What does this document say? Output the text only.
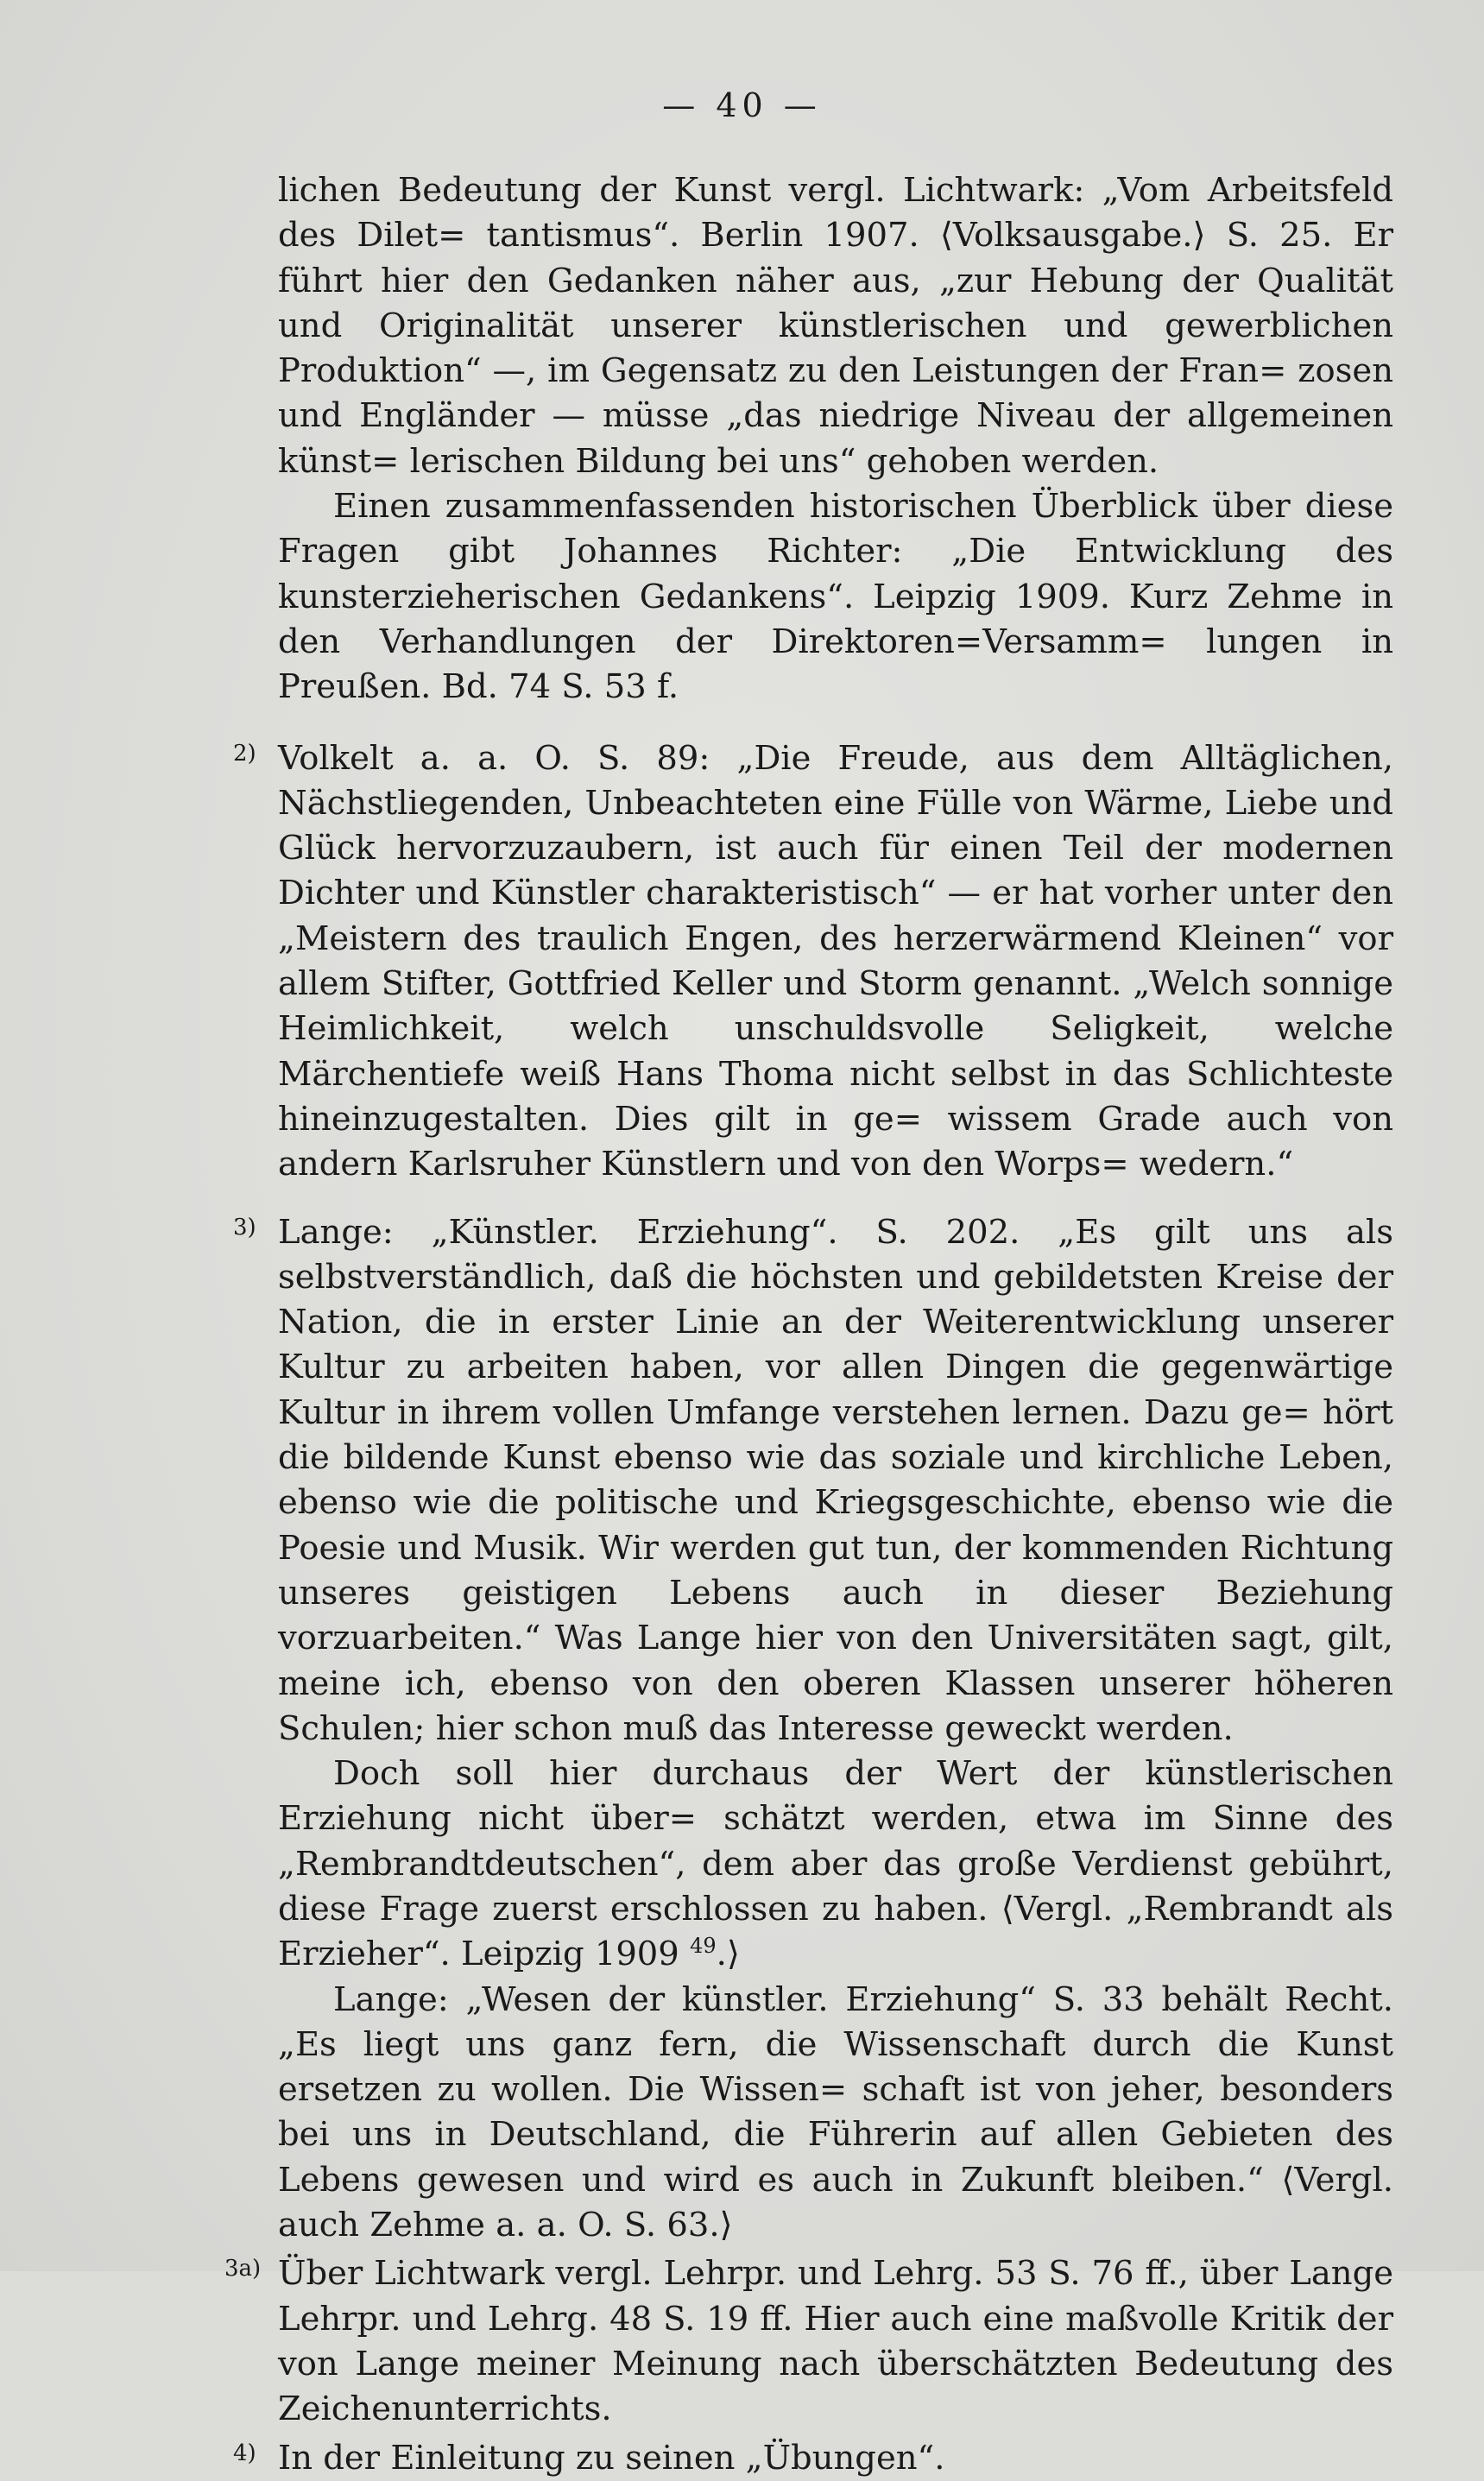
— 40 —

lichen Bedeutung der Kunst vergl. Lichtwark: „Vom Arbeitsfeld des Dilet= tantismus“. Berlin 1907. ⟨Volksausgabe.⟩ S. 25. Er führt hier den Gedanken näher aus, „zur Hebung der Qualität und Originalität unserer künstlerischen und gewerblichen Produktion“ —, im Gegensatz zu den Leistungen der Fran= zosen und Engländer — müsse „das niedrige Niveau der allgemeinen künst= lerischen Bildung bei uns“ gehoben werden.

Einen zusammenfassenden historischen Überblick über diese Fragen gibt Johannes Richter: „Die Entwicklung des kunsterzieherischen Gedankens“. Leipzig 1909. Kurz Zehme in den Verhandlungen der Direktoren=Versamm= lungen in Preußen. Bd. 74 S. 53 f.

2) Volkelt a. a. O. S. 89: „Die Freude, aus dem Alltäglichen, Nächstliegenden, Unbeachteten eine Fülle von Wärme, Liebe und Glück hervorzuzaubern, ist auch für einen Teil der modernen Dichter und Künstler charakteristisch“ — er hat vorher unter den „Meistern des traulich Engen, des herzerwärmend Kleinen“ vor allem Stifter, Gottfried Keller und Storm genannt. „Welch sonnige Heimlichkeit, welch unschuldsvolle Seligkeit, welche Märchentiefe weiß Hans Thoma nicht selbst in das Schlichteste hineinzugestalten. Dies gilt in ge= wissem Grade auch von andern Karlsruher Künstlern und von den Worps= wedern.“

3) Lange: „Künstler. Erziehung“. S. 202. „Es gilt uns als selbstverständlich, daß die höchsten und gebildetsten Kreise der Nation, die in erster Linie an der Weiterentwicklung unserer Kultur zu arbeiten haben, vor allen Dingen die gegenwärtige Kultur in ihrem vollen Umfange verstehen lernen. Dazu ge= hört die bildende Kunst ebenso wie das soziale und kirchliche Leben, ebenso wie die politische und Kriegsgeschichte, ebenso wie die Poesie und Musik. Wir werden gut tun, der kommenden Richtung unseres geistigen Lebens auch in dieser Beziehung vorzuarbeiten.“ Was Lange hier von den Universitäten sagt, gilt, meine ich, ebenso von den oberen Klassen unserer höheren Schulen; hier schon muß das Interesse geweckt werden.

Doch soll hier durchaus der Wert der künstlerischen Erziehung nicht über= schätzt werden, etwa im Sinne des „Rembrandtdeutschen“, dem aber das große Verdienst gebührt, diese Frage zuerst erschlossen zu haben. ⟨Vergl. „Rembrandt als Erzieher“. Leipzig 1909 $^{49}$.⟩

Lange: „Wesen der künstler. Erziehung“ S. 33 behält Recht. „Es liegt uns ganz fern, die Wissenschaft durch die Kunst ersetzen zu wollen. Die Wissen= schaft ist von jeher, besonders bei uns in Deutschland, die Führerin auf allen Gebieten des Lebens gewesen und wird es auch in Zukunft bleiben.“ ⟨Vergl. auch Zehme a. a. O. S. 63.⟩

3a) Über Lichtwark vergl. Lehrpr. und Lehrg. 53 S. 76 ff., über Lange Lehrpr. und Lehrg. 48 S. 19 ff. Hier auch eine maßvolle Kritik der von Lange meiner Meinung nach überschätzten Bedeutung des Zeichenunterrichts.

4) In der Einleitung zu seinen „Übungen“.
